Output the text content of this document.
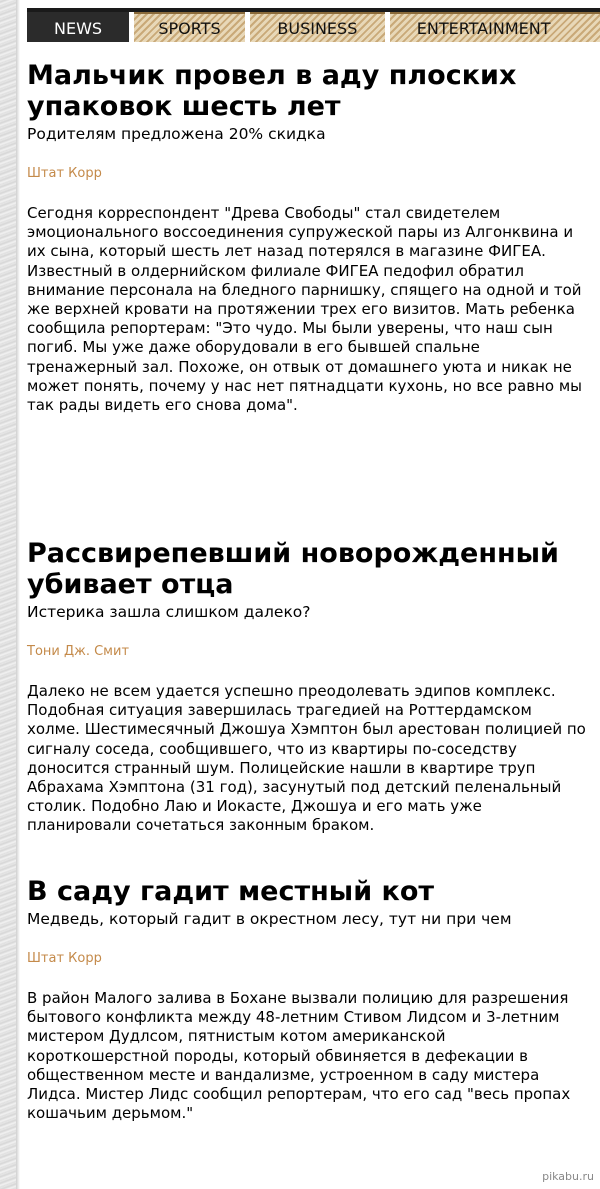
NEWS	SPORTS	BUSINESS	ENTERTAINMENT
Мальчик провел в аду плоских упаковок шесть лет
Родителям предложена 20% скидка
Штат Корр

Сегодня корреспондент "Древа Свободы" стал свидетелем эмоционального воссоединения супружеской пары из Алгонквина и их сына, который шесть лет назад потерялся в магазине ФИГЕА. Известный в олдернийском филиале ФИГЕА педофил обратил внимание персонала на бледного парнишку, спящего на одной и той же верхней кровати на протяжении трех его визитов. Мать ребенка сообщила репортерам: "Это чудо. Мы были уверены, что наш сын погиб. Мы уже даже оборудовали в его бывшей спальне тренажерный зал. Похоже, он отвык от домашнего уюта и никак не может понять, почему у нас нет пятнадцати кухонь, но все равно мы так рады видеть его снова дома".

Рассвирепевший новорожденный убивает отца
Истерика зашла слишком далеко?
Тони Дж. Смит

Далеко не всем удается успешно преодолевать эдипов комплекс. Подобная ситуация завершилась трагедией на Роттердамском холме. Шестимесячный Джошуа Хэмптон был арестован полицией по сигналу соседа, сообщившего, что из квартиры по-соседству доносится странный шум. Полицейские нашли в квартире труп Абрахама Хэмптона (31 год), засунутый под детский пеленальный столик. Подобно Лаю и Иокасте, Джошуа и его мать уже планировали сочетаться законным браком.

В саду гадит местный кот
Медведь, который гадит в окрестном лесу, тут ни при чем
Штат Корр

В район Малого залива в Бохане вызвали полицию для разрешения бытового конфликта между 48-летним Стивом Лидсом и 3-летним мистером Дудлсом, пятнистым котом американской короткошерстной породы, который обвиняется в дефекации в общественном месте и вандализме, устроенном в саду мистера Лидса. Мистер Лидс сообщил репортерам, что его сад "весь пропах кошачьим дерьмом."

pikabu.ru
